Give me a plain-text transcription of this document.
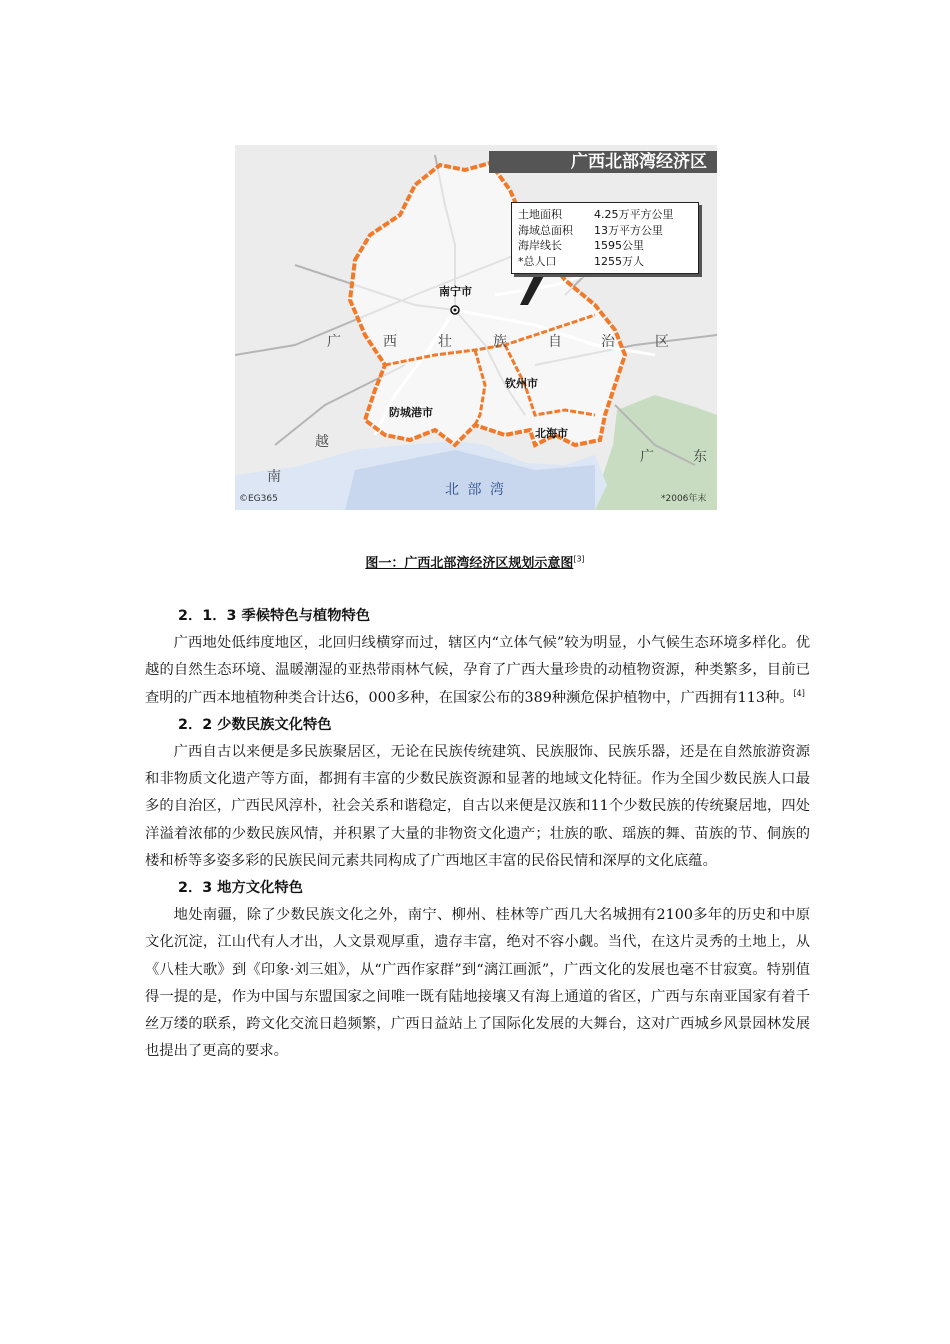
广西北部湾经济区
土地面积	4.25万平方公里
海域总面积	13万平方公里
海岸线长	1595公里
*总人口	1255万人
广	西	壮	族	自	治	区
南宁市
钦州市
防城港市
北海市
越
南
广	东
北 部 湾
©EG365	*2006年末
图一：广西北部湾经济区规划示意图[3]
2．1．3 季候特色与植物特色

广西地处低纬度地区，北回归线横穿而过，辖区内“立体气候”较为明显，小气候生态环境多样化。优越的自然生态环境、温暖潮湿的亚热带雨林气候，孕育了广西大量珍贵的动植物资源，种类繁多，目前已查明的广西本地植物种类合计达6，000多种，在国家公布的389种濒危保护植物中，广西拥有113种。[4]

2．2 少数民族文化特色

广西自古以来便是多民族聚居区，无论在民族传统建筑、民族服饰、民族乐器，还是在自然旅游资源和非物质文化遗产等方面，都拥有丰富的少数民族资源和显著的地域文化特征。作为全国少数民族人口最多的自治区，广西民风淳朴，社会关系和谐稳定，自古以来便是汉族和11个少数民族的传统聚居地，四处洋溢着浓郁的少数民族风情，并积累了大量的非物资文化遗产；壮族的歌、瑶族的舞、苗族的节、侗族的楼和桥等多姿多彩的民族民间元素共同构成了广西地区丰富的民俗民情和深厚的文化底蕴。

2．3 地方文化特色

地处南疆，除了少数民族文化之外，南宁、柳州、桂林等广西几大名城拥有2100多年的历史和中原文化沉淀，江山代有人才出，人文景观厚重，遗存丰富，绝对不容小觑。当代，在这片灵秀的土地上，从《八桂大歌》到《印象·刘三姐》，从“广西作家群”到“漓江画派”，广西文化的发展也毫不甘寂寞。特别值得一提的是，作为中国与东盟国家之间唯一既有陆地接壤又有海上通道的省区，广西与东南亚国家有着千丝万缕的联系，跨文化交流日趋频繁，广西日益站上了国际化发展的大舞台，这对广西城乡风景园林发展也提出了更高的要求。
